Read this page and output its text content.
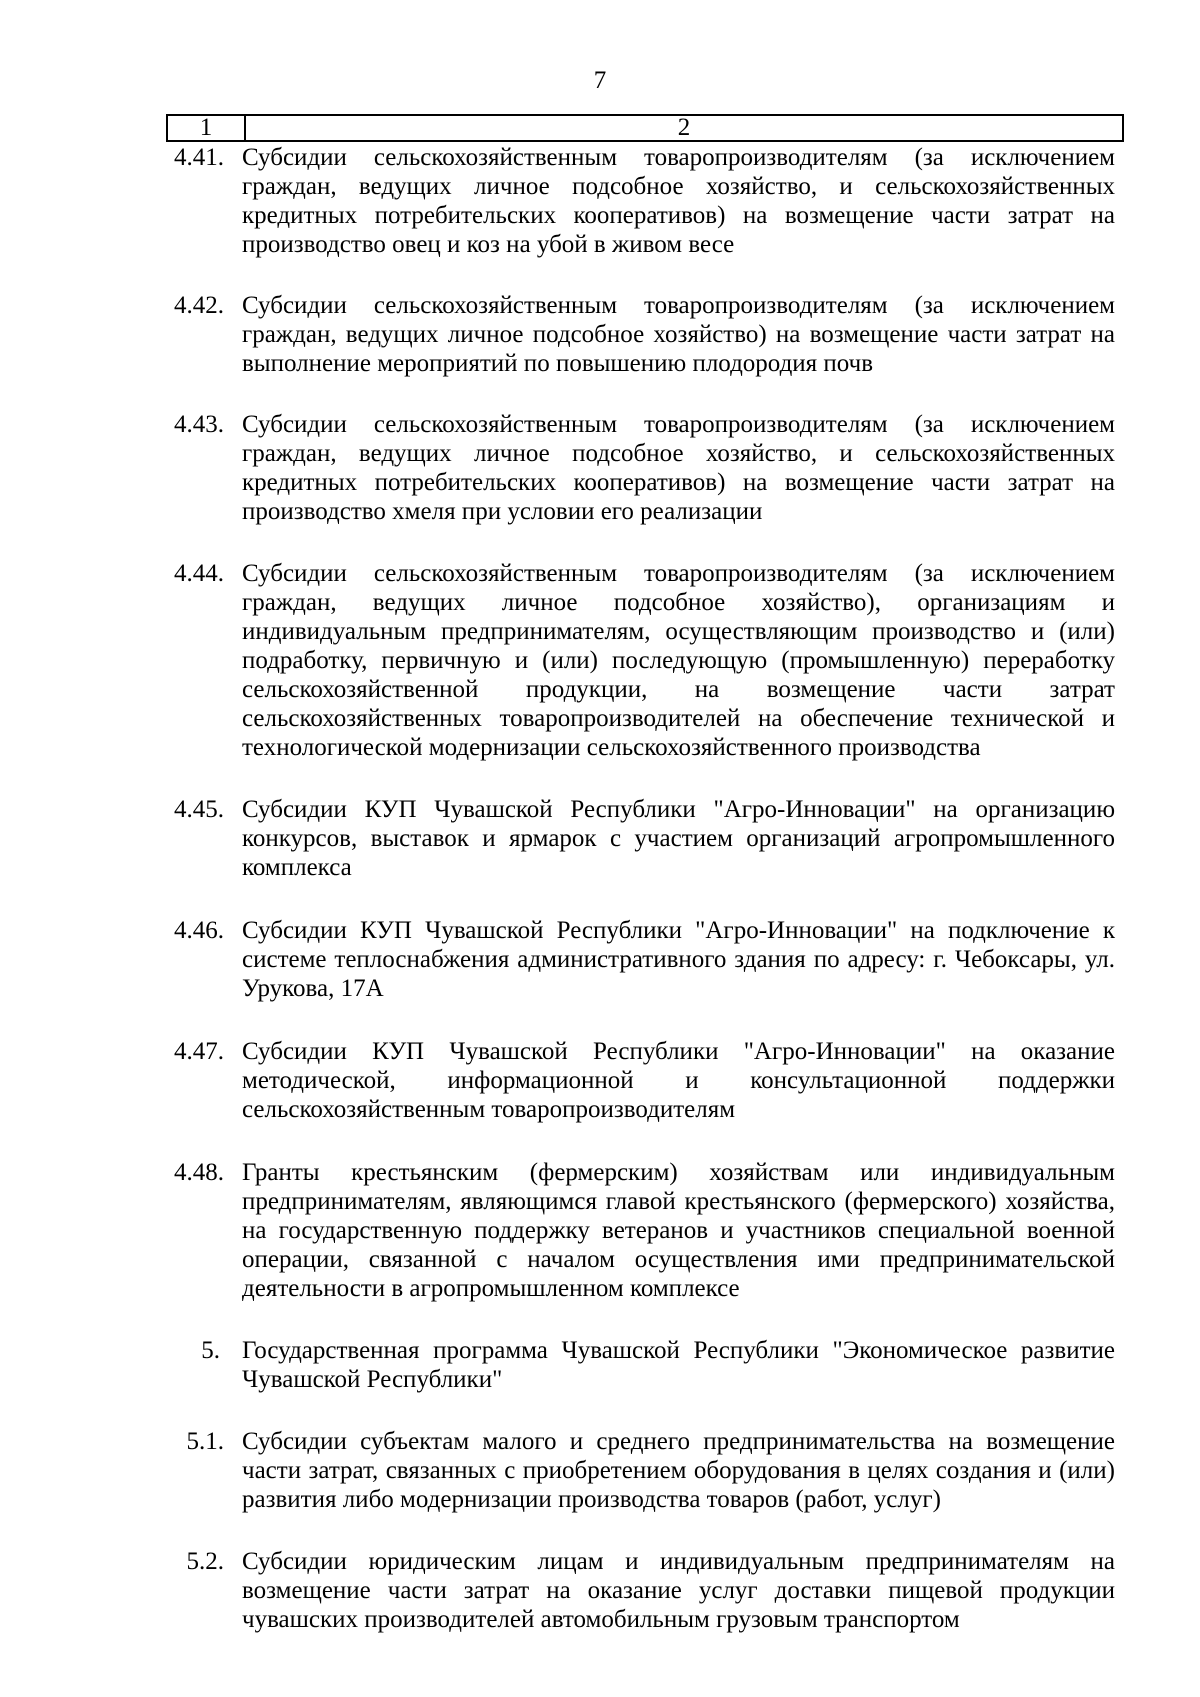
7
1	2
4.41. Субсидии сельскохозяйственным товаропроизводителям (за исключением граждан, ведущих личное подсобное хозяйство, и сельскохозяйственных кредитных потребительских кооперативов) на возмещение части затрат на производство овец и коз на убой в живом весе
4.42. Субсидии сельскохозяйственным товаропроизводителям (за исключением граждан, ведущих личное подсобное хозяйство) на возмещение части затрат на выполнение мероприятий по повышению плодородия почв
4.43. Субсидии сельскохозяйственным товаропроизводителям (за исключением граждан, ведущих личное подсобное хозяйство, и сельскохозяйственных кредитных потребительских кооперативов) на возмещение части затрат на производство хмеля при условии его реализации
4.44. Субсидии сельскохозяйственным товаропроизводителям (за исключением граждан, ведущих личное подсобное хозяйство), организациям и индивидуальным предпринимателям, осуществляющим производство и (или) подработку, первичную и (или) последующую (промышленную) переработку сельскохозяйственной продукции, на возмещение части затрат сельскохозяйственных товаропроизводителей на обеспечение технической и технологической модернизации сельскохозяйственного производства
4.45. Субсидии КУП Чувашской Республики "Агро-Инновации" на организацию конкурсов, выставок и ярмарок с участием организаций агропромышленного комплекса
4.46. Субсидии КУП Чувашской Республики "Агро-Инновации" на подключение к системе теплоснабжения административного здания по адресу: г. Чебоксары, ул. Урукова, 17А
4.47. Субсидии КУП Чувашской Республики "Агро-Инновации" на оказание методической, информационной и консультационной поддержки сельскохозяйственным товаропроизводителям
4.48. Гранты крестьянским (фермерским) хозяйствам или индивидуальным предпринимателям, являющимся главой крестьянского (фермерского) хозяйства, на государственную поддержку ветеранов и участников специальной военной операции, связанной с началом осуществления ими предпринимательской деятельности в агропромышленном комплексе
5. Государственная программа Чувашской Республики "Экономическое развитие Чувашской Республики"
5.1. Субсидии субъектам малого и среднего предпринимательства на возмещение части затрат, связанных с приобретением оборудования в целях создания и (или) развития либо модернизации производства товаров (работ, услуг)
5.2. Субсидии юридическим лицам и индивидуальным предпринимателям на возмещение части затрат на оказание услуг доставки пищевой продукции чувашских производителей автомобильным грузовым транспортом
